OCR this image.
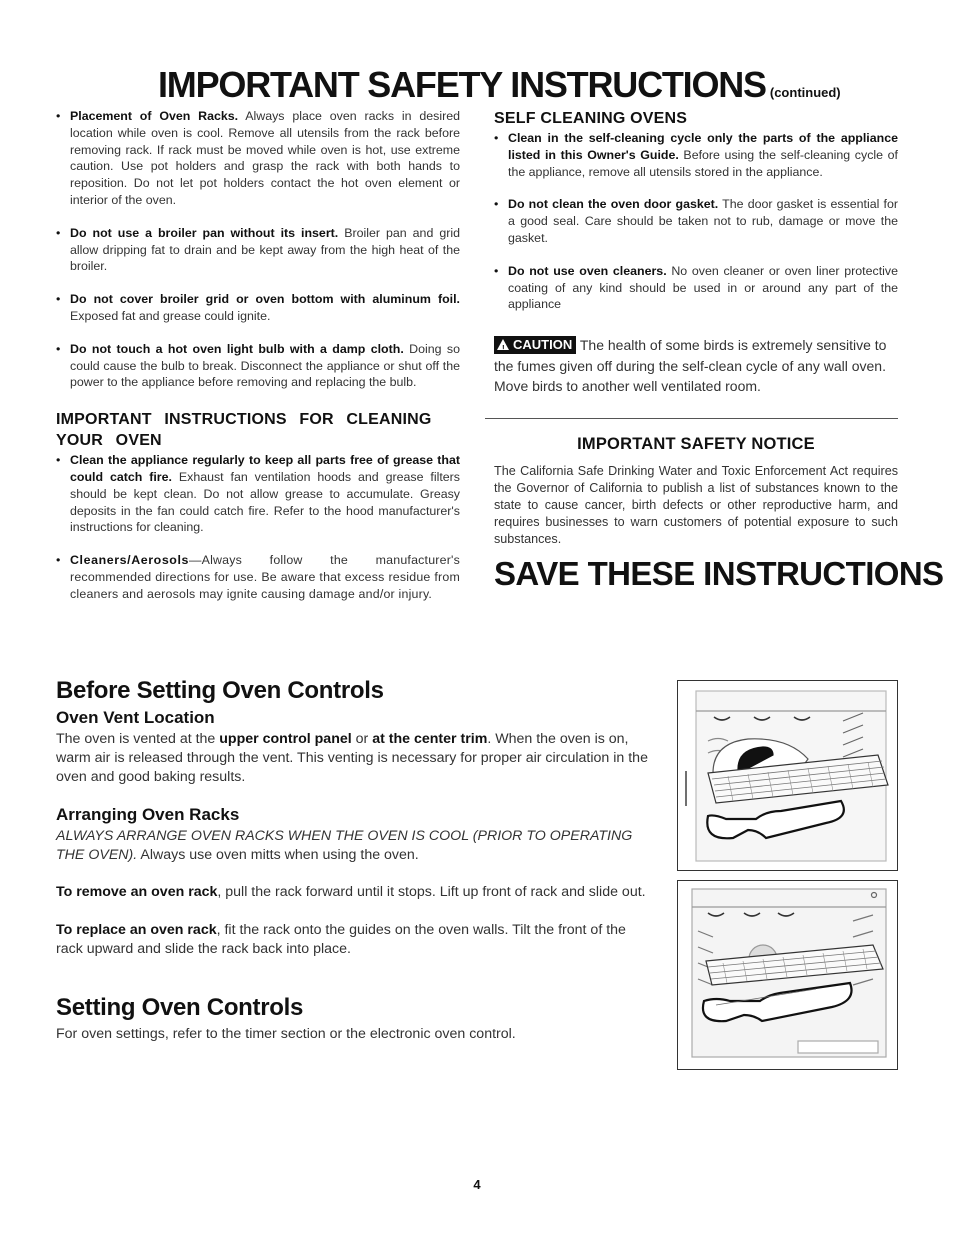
IMPORTANT SAFETY INSTRUCTIONS (continued)
• Placement of Oven Racks. Always place oven racks in desired location while oven is cool. Remove all utensils from the rack before removing rack. If rack must be moved while oven is hot, use extreme caution. Use pot holders and grasp the rack with both hands to reposition. Do not let pot holders contact the hot oven element or interior of the oven.
• Do not use a broiler pan without its insert. Broiler pan and grid allow dripping fat to drain and be kept away from the high heat of the broiler.
• Do not cover broiler grid or oven bottom with aluminum foil. Exposed fat and grease could ignite.
• Do not touch a hot oven light bulb with a damp cloth. Doing so could cause the bulb to break. Disconnect the appliance or shut off the power to the appliance before removing and replacing the bulb.
IMPORTANT INSTRUCTIONS FOR CLEANING YOUR OVEN
• Clean the appliance regularly to keep all parts free of grease that could catch fire. Exhaust fan ventilation hoods and grease filters should be kept clean. Do not allow grease to accumulate. Greasy deposits in the fan could catch fire. Refer to the hood manufacturer's instructions for cleaning.
• Cleaners/Aerosols—Always follow the manufacturer's recommended directions for use. Be aware that excess residue from cleaners and aerosols may ignite causing damage and/or injury.
SELF CLEANING OVENS
• Clean in the self-cleaning cycle only the parts of the appliance listed in this Owner's Guide. Before using the self-cleaning cycle of the appliance, remove all utensils stored in the appliance.
• Do not clean the oven door gasket. The door gasket is essential for a good seal. Care should be taken not to rub, damage or move the gasket.
• Do not use oven cleaners. No oven cleaner or oven liner protective coating of any kind should be used in or around any part of the appliance
! CAUTION The health of some birds is extremely sensitive to the fumes given off during the self-clean cycle of any wall oven. Move birds to another well ventilated room.
IMPORTANT SAFETY NOTICE
The California Safe Drinking Water and Toxic Enforcement Act requires the Governor of California to publish a list of substances known to the state to cause cancer, birth defects or other reproductive harm, and requires businesses to warn customers of potential exposure to such substances.
SAVE THESE INSTRUCTIONS
Before Setting Oven Controls
Oven Vent Location
The oven is vented at the upper control panel or at the center trim. When the oven is on, warm air is released through the vent. This venting is necessary for proper air circulation in the oven and good baking results.
Arranging Oven Racks
ALWAYS ARRANGE OVEN RACKS WHEN THE OVEN IS COOL (PRIOR TO OPERATING THE OVEN). Always use oven mitts when using the oven.
To remove an oven rack, pull the rack forward until it stops. Lift up front of rack and slide out.
To replace an oven rack, fit the rack onto the guides on the oven walls. Tilt the front of the rack upward and slide the rack back into place.
Setting Oven Controls
For oven settings, refer to the timer section or the electronic oven control.
4
